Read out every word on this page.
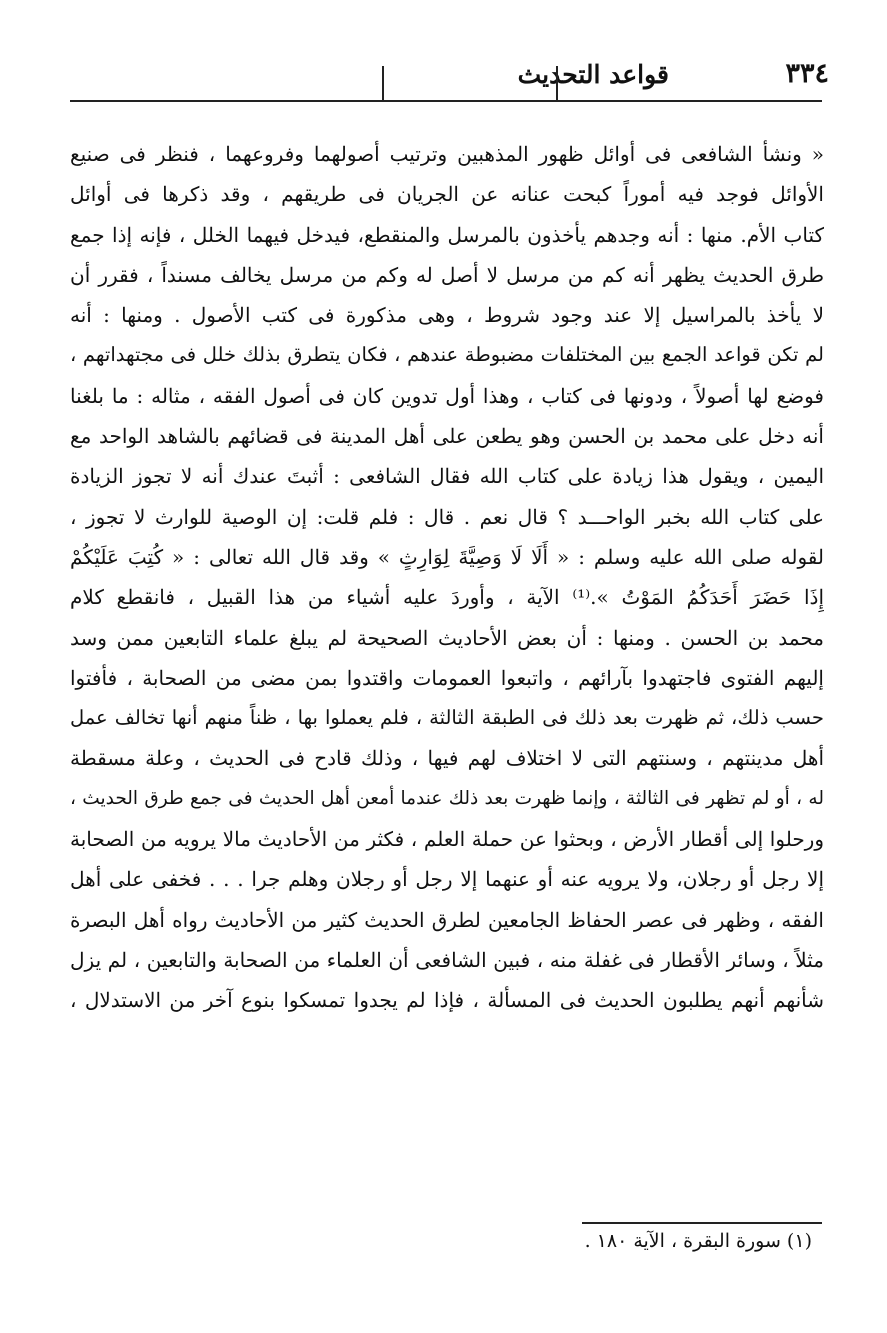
٣٣٤
قواعد التحديث
« ونشأ الشافعى فى أوائل ظهور المذهبين وترتيب أصولهما وفروعهما ، فنظر فى صنيع
الأوائل فوجد فيه أموراً كبحت عنانه عن الجريان فى طريقهم ، وقد ذكرها فى أوائل
كتاب الأم. منها : أنه وجدهم يأخذون بالمرسل والمنقطع، فيدخل فيهما الخلل ، فإنه إذا جمع
طرق الحديث يظهر أنه كم من مرسل لا أصل له وكم من مرسل يخالف مسنداً ، فقرر أن
لا يأخذ بالمراسيل إلا عند وجود شروط ، وهى مذكورة فى كتب الأصول . ومنها : أنه
لم تكن قواعد الجمع بين المختلفات مضبوطة عندهم ، فكان يتطرق بذلك خلل فى مجتهداتهم ،
فوضع لها أصولاً ، ودونها فى كتاب ، وهذا أول تدوين كان فى أصول الفقه ، مثاله : ما بلغنا
أنه دخل على محمد بن الحسن وهو يطعن على أهل المدينة فى قضائهم بالشاهد الواحد مع
اليمين ، ويقول هذا زيادة على كتاب الله فقال الشافعى : أثبتَ عندك أنه لا تجوز الزيادة
على كتاب الله بخبر الواحـــد ؟ قال نعم . قال : فلم قلت: إن الوصية للوارث لا تجوز ،
لقوله صلى الله عليه وسلم : « أَلَا لَا وَصِيَّةَ لِوَارِثٍ » وقد قال الله تعالى : « كُتِبَ عَلَيْكُمْ
إِذَا حَضَرَ أَحَدَكُمُ المَوْتُ ».⁽¹⁾ الآية ، وأوردَ عليه أشياء من هذا القبيل ، فانقطع كلام
محمد بن الحسن . ومنها : أن بعض الأحاديث الصحيحة لم يبلغ علماء التابعين ممن وسد
إليهم الفتوى فاجتهدوا بآرائهم ، واتبعوا العمومات واقتدوا بمن مضى من الصحابة ، فأفتوا
حسب ذلك، ثم ظهرت بعد ذلك فى الطبقة الثالثة ، فلم يعملوا بها ، ظناً منهم أنها تخالف عمل
أهل مدينتهم ، وسنتهم التى لا اختلاف لهم فيها ، وذلك قادح فى الحديث ، وعلة مسقطة
له ، أو لم تظهر فى الثالثة ، وإنما ظهرت بعد ذلك عندما أمعن أهل الحديث فى جمع طرق الحديث ،
ورحلوا إلى أقطار الأرض ، وبحثوا عن حملة العلم ، فكثر من الأحاديث مالا يرويه من الصحابة
إلا رجل أو رجلان، ولا يرويه عنه أو عنهما إلا رجل أو رجلان وهلم جرا . . . فخفى على أهل
الفقه ، وظهر فى عصر الحفاظ الجامعين لطرق الحديث كثير من الأحاديث رواه أهل البصرة
مثلاً ، وسائر الأقطار فى غفلة منه ، فبين الشافعى أن العلماء من الصحابة والتابعين ، لم يزل
شأنهم أنهم يطلبون الحديث فى المسألة ، فإذا لم يجدوا تمسكوا بنوع آخر من الاستدلال ،
(١) سورة البقرة ، الآية ١٨٠ .
